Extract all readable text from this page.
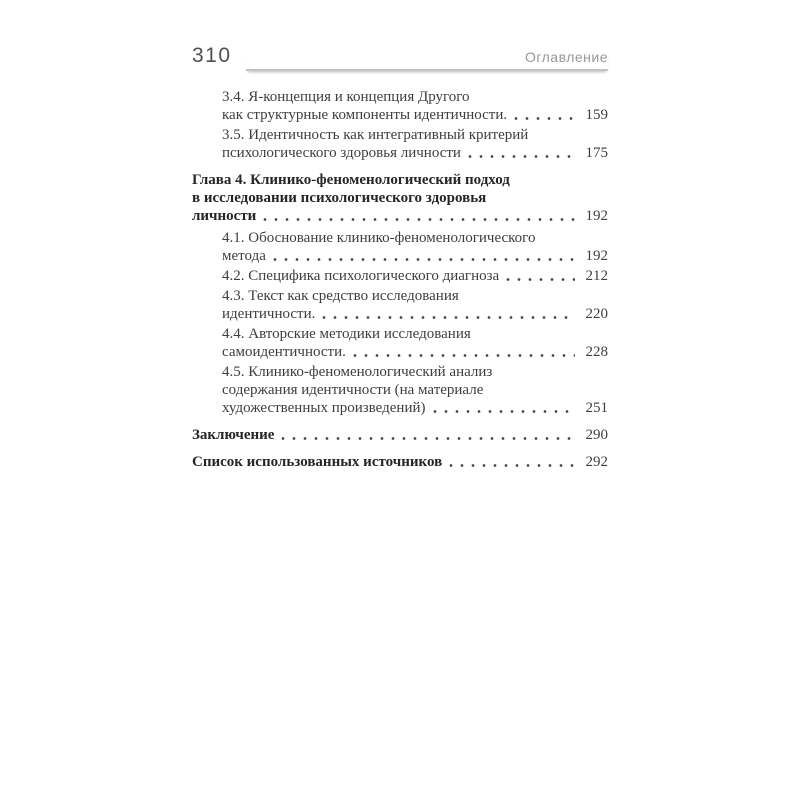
310	Оглавление
3.4. Я-концепция и концепция Другого
как структурные компоненты идентичности.	159
3.5. Идентичность как интегративный критерий
психологического здоровья личности	175
Глава 4. Клинико-феноменологический подход
в исследовании психологического здоровья
личности	192
4.1. Обоснование клинико-феноменологического
метода	192
4.2. Специфика психологического диагноза	212
4.3. Текст как средство исследования
идентичности.	220
4.4. Авторские методики исследования
самоидентичности.	228
4.5. Клинико-феноменологический анализ
содержания идентичности (на материале
художественных произведений)	251
Заключение	290
Список использованных источников	292
